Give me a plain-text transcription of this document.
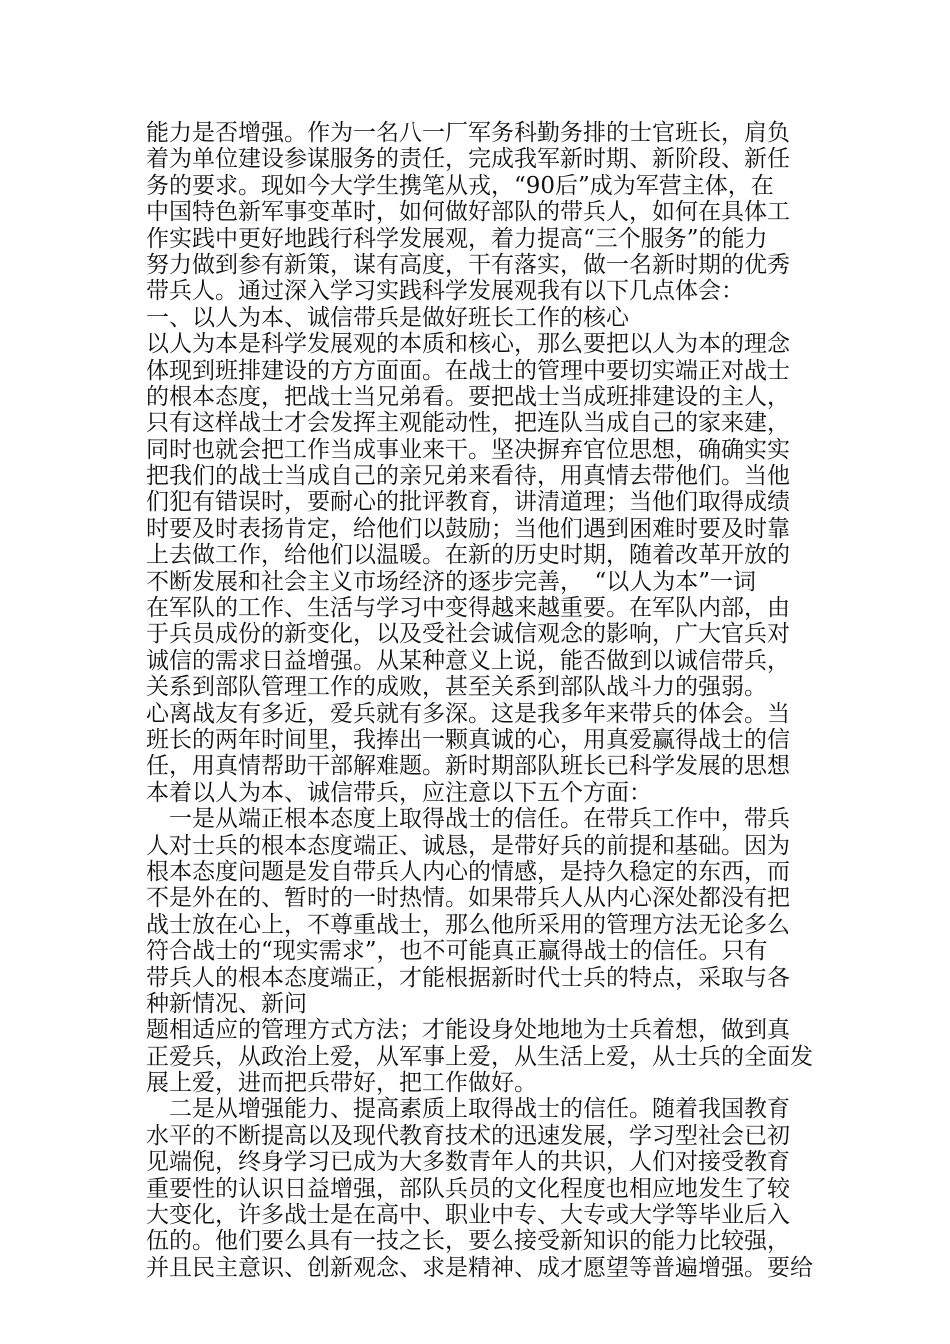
能力是否增强。作为一名八一厂军务科勤务排的士官班长，肩负
着为单位建设参谋服务的责任，完成我军新时期、新阶段、新任
务的要求。现如今大学生携笔从戎，“90后”成为军营主体，在
中国特色新军事变革时，如何做好部队的带兵人，如何在具体工
作实践中更好地践行科学发展观，着力提高“三个服务”的能力
努力做到参有新策，谋有高度，干有落实，做一名新时期的优秀
带兵人。通过深入学习实践科学发展观我有以下几点体会：
一、以人为本、诚信带兵是做好班长工作的核心
以人为本是科学发展观的本质和核心，那么要把以人为本的理念
体现到班排建设的方方面面。在战士的管理中要切实端正对战士
的根本态度，把战士当兄弟看。要把战士当成班排建设的主人，
只有这样战士才会发挥主观能动性，把连队当成自己的家来建，
同时也就会把工作当成事业来干。坚决摒弃官位思想，确确实实
把我们的战士当成自己的亲兄弟来看待，用真情去带他们。当他
们犯有错误时，要耐心的批评教育，讲清道理；当他们取得成绩
时要及时表扬肯定，给他们以鼓励；当他们遇到困难时要及时靠
上去做工作，给他们以温暖。在新的历史时期，随着改革开放的
不断发展和社会主义市场经济的逐步完善，　“以人为本”一词
在军队的工作、生活与学习中变得越来越重要。在军队内部，由
于兵员成份的新变化，以及受社会诚信观念的影响，广大官兵对
诚信的需求日益增强。从某种意义上说，能否做到以诚信带兵，
关系到部队管理工作的成败，甚至关系到部队战斗力的强弱。
心离战友有多近，爱兵就有多深。这是我多年来带兵的体会。当
班长的两年时间里，我捧出一颗真诚的心，用真爱赢得战士的信
任，用真情帮助干部解难题。新时期部队班长已科学发展的思想
本着以人为本、诚信带兵，应注意以下五个方面：
　一是从端正根本态度上取得战士的信任。在带兵工作中，带兵
人对士兵的根本态度端正、诚恳，是带好兵的前提和基础。因为
根本态度问题是发自带兵人内心的情感，是持久稳定的东西，而
不是外在的、暂时的一时热情。如果带兵人从内心深处都没有把
战士放在心上，不尊重战士，那么他所采用的管理方法无论多么
符合战士的“现实需求”，也不可能真正赢得战士的信任。只有
带兵人的根本态度端正，才能根据新时代士兵的特点，采取与各
种新情况、新问
题相适应的管理方式方法；才能设身处地地为士兵着想，做到真
正爱兵，从政治上爱，从军事上爱，从生活上爱，从士兵的全面发
展上爱，进而把兵带好，把工作做好。
　二是从增强能力、提高素质上取得战士的信任。随着我国教育
水平的不断提高以及现代教育技术的迅速发展，学习型社会已初
见端倪，终身学习已成为大多数青年人的共识，人们对接受教育
重要性的认识日益增强，部队兵员的文化程度也相应地发生了较
大变化，许多战士是在高中、职业中专、大专或大学等毕业后入
伍的。他们要么具有一技之长，要么接受新知识的能力比较强，
并且民主意识、创新观念、求是精神、成才愿望等普遍增强。要给
